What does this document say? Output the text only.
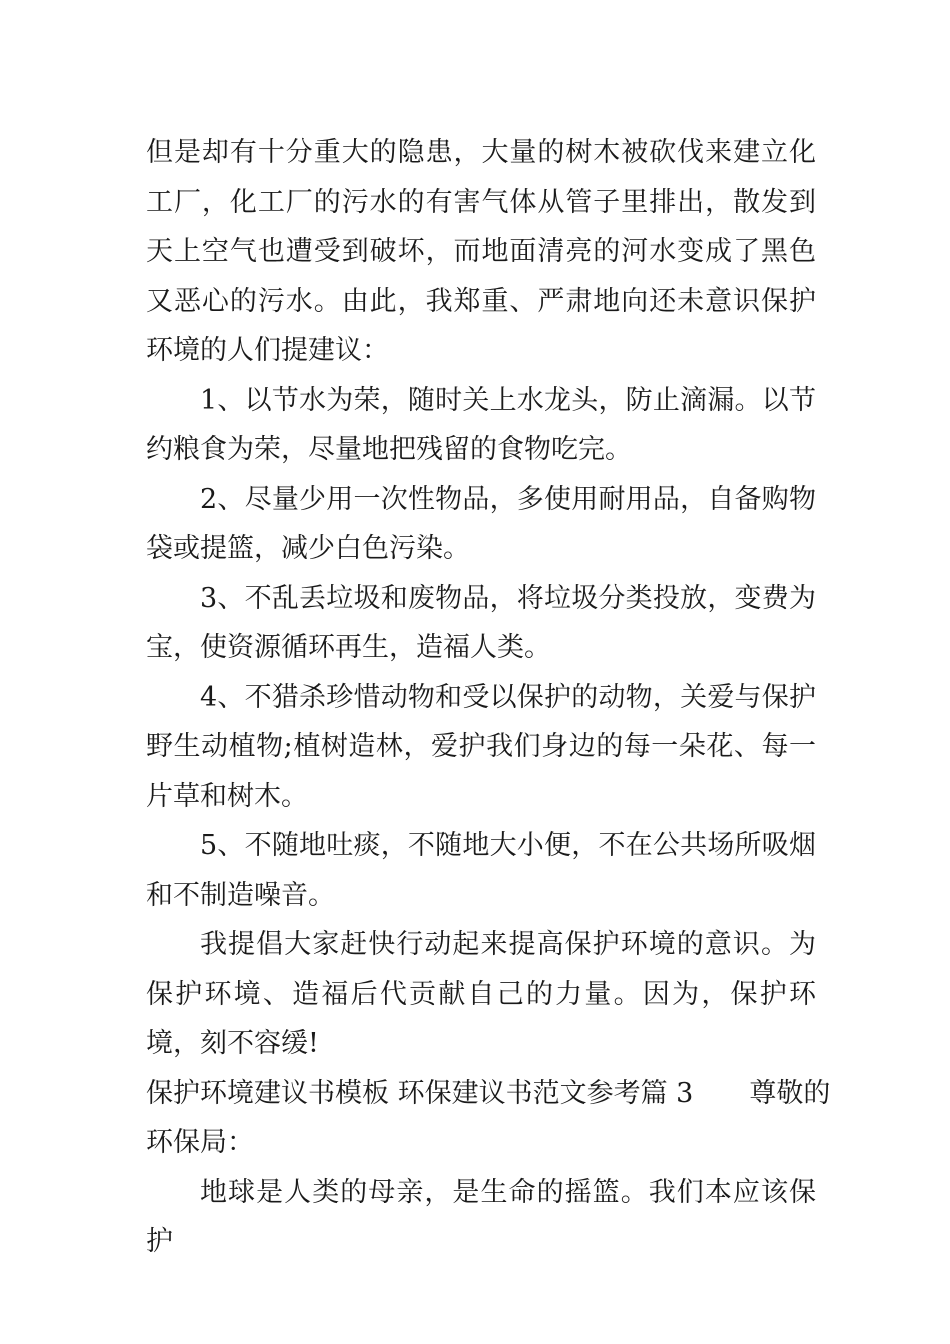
但是却有十分重大的隐患，大量的树木被砍伐来建立化工厂，化工厂的污水的有害气体从管子里排出，散发到天上空气也遭受到破坏，而地面清亮的河水变成了黑色又恶心的污水。由此，我郑重、严肃地向还未意识保护环境的人们提建议：

1、以节水为荣，随时关上水龙头，防止滴漏。以节约粮食为荣，尽量地把残留的食物吃完。

2、尽量少用一次性物品，多使用耐用品，自备购物袋或提篮，减少白色污染。

3、不乱丢垃圾和废物品，将垃圾分类投放，变费为宝，使资源循环再生，造福人类。

4、不猎杀珍惜动物和受以保护的动物，关爱与保护野生动植物;植树造林，爱护我们身边的每一朵花、每一片草和树木。

5、不随地吐痰，不随地大小便，不在公共场所吸烟和不制造噪音。

我提倡大家赶快行动起来提高保护环境的意识。为保护环境、造福后代贡献自己的力量。因为，保护环境，刻不容缓!

保护环境建议书模板 环保建议书范文参考篇 3 尊敬的

环保局：

地球是人类的母亲，是生命的摇篮。我们本应该保护
